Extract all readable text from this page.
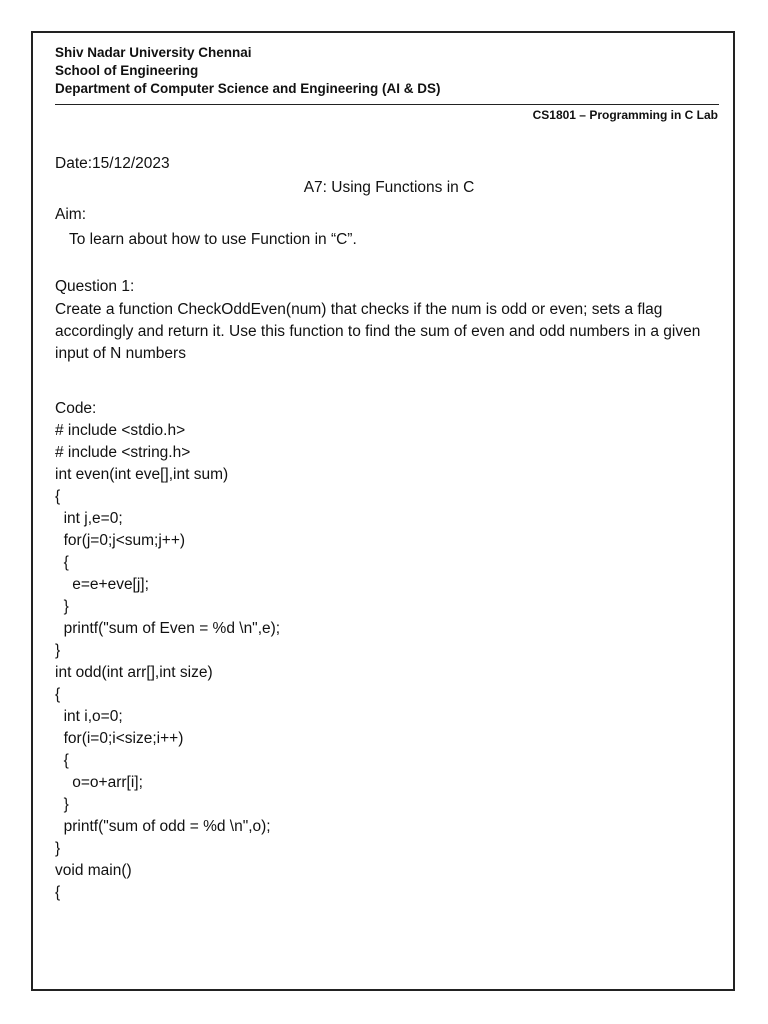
Shiv Nadar University Chennai
School of Engineering
Department of Computer Science and Engineering (AI & DS)
CS1801 – Programming in C Lab
Date:15/12/2023
A7: Using Functions in C
Aim:
To learn about how to use Function in “C”.
Question 1:
Create a function CheckOddEven(num) that checks if the num is odd or even; sets a flag accordingly and return it. Use this function to find the sum of even and odd numbers in a given input of N numbers
Code:
# include <stdio.h>
# include <string.h>
int even(int eve[],int sum)
{
int j,e=0;
for(j=0;j<sum;j++)
{
e=e+eve[j];
}
printf("sum of Even = %d \n",e);
}
int odd(int arr[],int size)
{
int i,o=0;
for(i=0;i<size;i++)
{
o=o+arr[i];
}
printf("sum of odd = %d \n",o);
}
void main()
{
